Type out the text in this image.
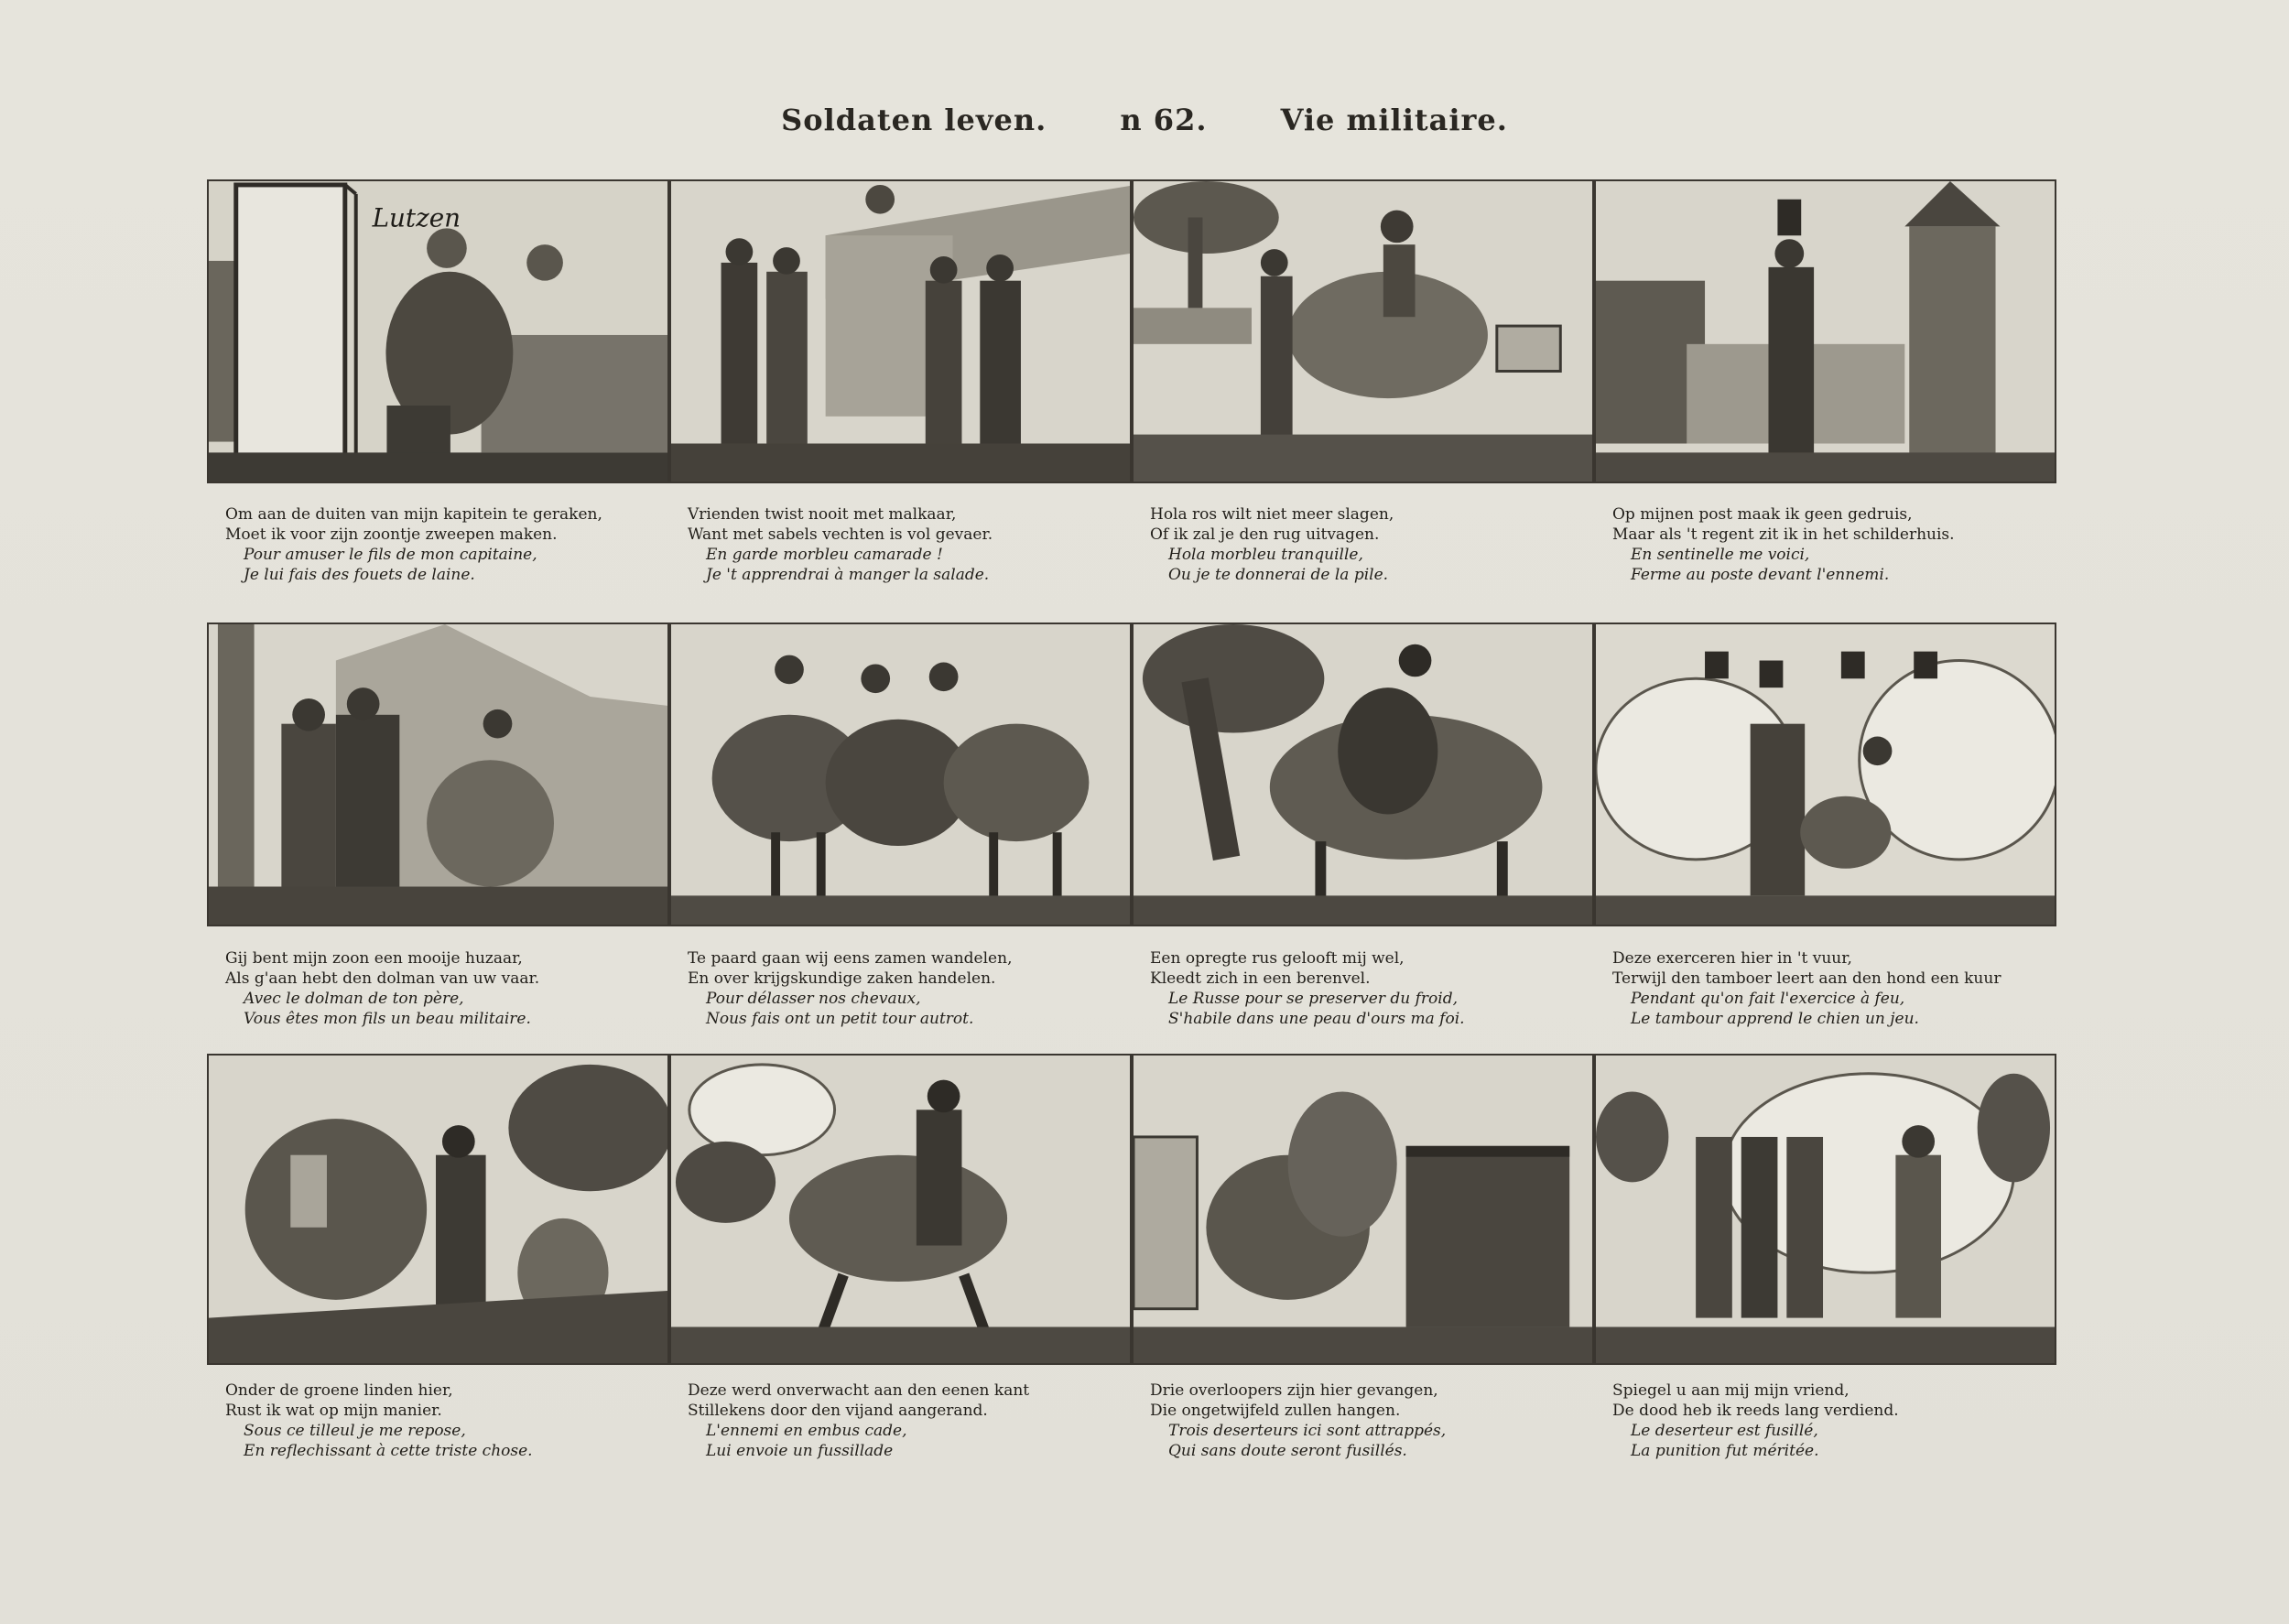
Soldaten leven.	n 62.	Vie militaire.
Lutzen
Om aan de duiten van mijn kapitein te geraken,
Moet ik voor zijn zoontje zweepen maken.
Pour amuser le fils de mon capitaine,
Je lui fais des fouets de laine.
Vrienden twist nooit met malkaar,
Want met sabels vechten is vol gevaer.
En garde morbleu camarade !
Je 't apprendrai à manger la salade.
Hola ros wilt niet meer slagen,
Of ik zal je den rug uitvagen.
Hola morbleu tranquille,
Ou je te donnerai de la pile.
Op mijnen post maak ik geen gedruis,
Maar als 't regent zit ik in het schilderhuis.
En sentinelle me voici,
Ferme au poste devant l'ennemi.
Gij bent mijn zoon een mooije huzaar,
Als g'aan hebt den dolman van uw vaar.
Avec le dolman de ton père,
Vous êtes mon fils un beau militaire.
Te paard gaan wij eens zamen wandelen,
En over krijgskundige zaken handelen.
Pour délasser nos chevaux,
Nous fais ont un petit tour autrot.
Een opregte rus gelooft mij wel,
Kleedt zich in een berenvel.
Le Russe pour se preserver du froid,
S'habile dans une peau d'ours ma foi.
Deze exerceren hier in 't vuur,
Terwijl den tamboer leert aan den hond een kuur
Pendant qu'on fait l'exercice à feu,
Le tambour apprend le chien un jeu.
Onder de groene linden hier,
Rust ik wat op mijn manier.
Sous ce tilleul je me repose,
En reflechissant à cette triste chose.
Deze werd onverwacht aan den eenen kant
Stillekens door den vijand aangerand.
L'ennemi en embus cade,
Lui envoie un fussillade
Drie overloopers zijn hier gevangen,
Die ongetwijfeld zullen hangen.
Trois deserteurs ici sont attrappés,
Qui sans doute seront fusillés.
Spiegel u aan mij mijn vriend,
De dood heb ik reeds lang verdiend.
Le deserteur est fusillé,
La punition fut méritée.
